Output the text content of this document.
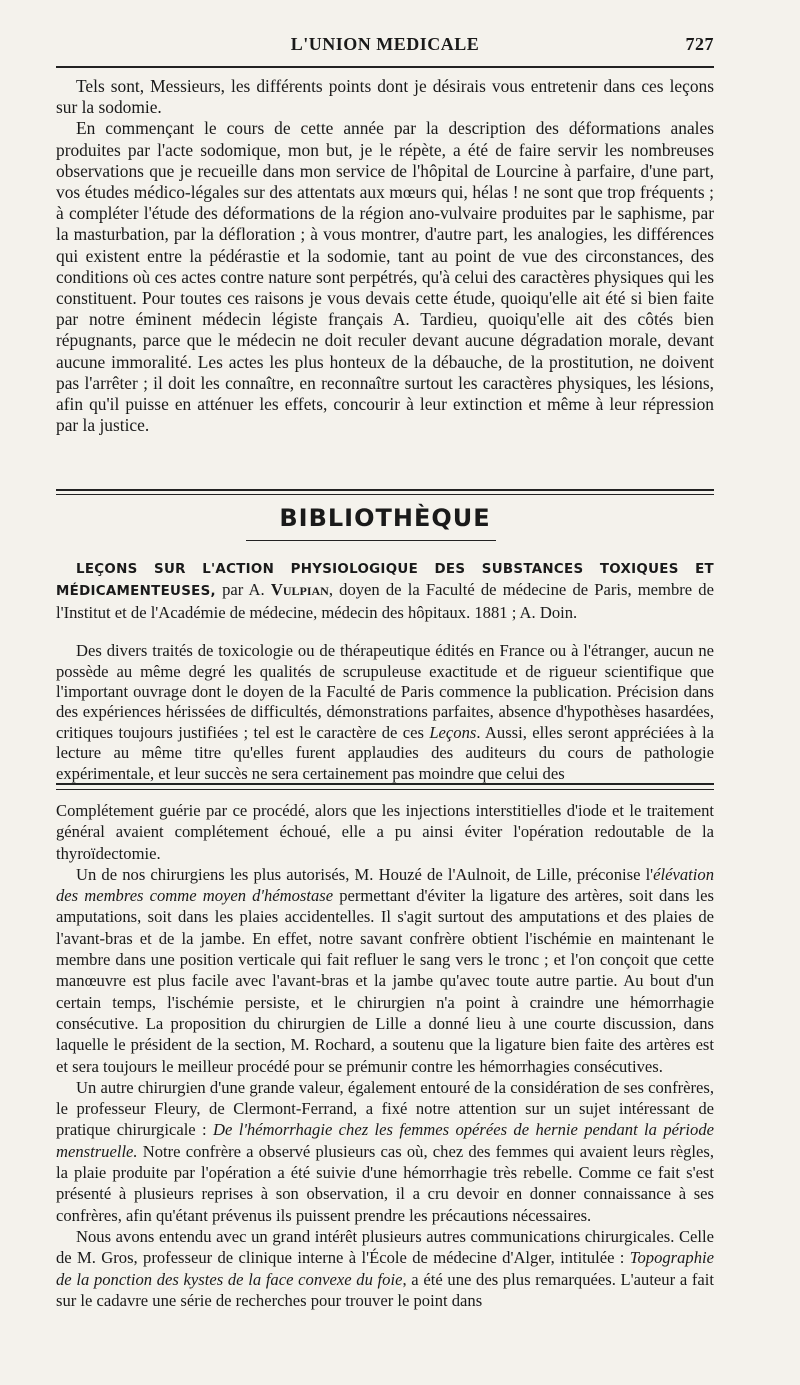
L'UNION MEDICALE	727

Tels sont, Messieurs, les différents points dont je désirais vous entretenir dans ces leçons sur la sodomie.

En commençant le cours de cette année par la description des déformations anales produites par l'acte sodomique, mon but, je le répète, a été de faire servir les nombreuses observations que je recueille dans mon service de l'hôpital de Lourcine à parfaire, d'une part, vos études médico-légales sur des attentats aux mœurs qui, hélas ! ne sont que trop fréquents ; à compléter l'étude des déformations de la région ano-vulvaire produites par le saphisme, par la masturbation, par la défloration ; à vous montrer, d'autre part, les analogies, les différences qui existent entre la pédérastie et la sodomie, tant au point de vue des circonstances, des conditions où ces actes contre nature sont perpétrés, qu'à celui des caractères physiques qui les constituent. Pour toutes ces raisons je vous devais cette étude, quoiqu'elle ait été si bien faite par notre éminent médecin légiste français A. Tardieu, quoiqu'elle ait des côtés bien répugnants, parce que le médecin ne doit reculer devant aucune dégradation morale, devant aucune immoralité. Les actes les plus honteux de la débauche, de la prostitution, ne doivent pas l'arrêter ; il doit les connaître, en reconnaître surtout les caractères physiques, les lésions, afin qu'il puisse en atténuer les effets, concourir à leur extinction et même à leur répression par la justice.

BIBLIOTHÈQUE

LEÇONS SUR L'ACTION PHYSIOLOGIQUE DES SUBSTANCES TOXIQUES ET MÉDICAMENTEUSES, par A. Vulpian, doyen de la Faculté de médecine de Paris, membre de l'Institut et de l'Académie de médecine, médecin des hôpitaux. 1881 ; A. Doin.

Des divers traités de toxicologie ou de thérapeutique édités en France ou à l'étranger, aucun ne possède au même degré les qualités de scrupuleuse exactitude et de rigueur scientifique que l'important ouvrage dont le doyen de la Faculté de Paris commence la publication. Précision dans des expériences hérissées de difficultés, démonstrations parfaites, absence d'hypothèses hasardées, critiques toujours justifiées ; tel est le caractère de ces Leçons. Aussi, elles seront appréciées à la lecture au même titre qu'elles furent applaudies des auditeurs du cours de pathologie expérimentale, et leur succès ne sera certainement pas moindre que celui des

Complétement guérie par ce procédé, alors que les injections interstitielles d'iode et le traitement général avaient complétement échoué, elle a pu ainsi éviter l'opération redoutable de la thyroïdectomie.

Un de nos chirurgiens les plus autorisés, M. Houzé de l'Aulnoit, de Lille, préconise l'élévation des membres comme moyen d'hémostase permettant d'éviter la ligature des artères, soit dans les amputations, soit dans les plaies accidentelles. Il s'agit surtout des amputations et des plaies de l'avant-bras et de la jambe. En effet, notre savant confrère obtient l'ischémie en maintenant le membre dans une position verticale qui fait refluer le sang vers le tronc ; et l'on conçoit que cette manœuvre est plus facile avec l'avant-bras et la jambe qu'avec toute autre partie. Au bout d'un certain temps, l'ischémie persiste, et le chirurgien n'a point à craindre une hémorrhagie consécutive. La proposition du chirurgien de Lille a donné lieu à une courte discussion, dans laquelle le président de la section, M. Rochard, a soutenu que la ligature bien faite des artères est et sera toujours le meilleur procédé pour se prémunir contre les hémorrhagies consécutives.

Un autre chirurgien d'une grande valeur, également entouré de la considération de ses confrères, le professeur Fleury, de Clermont-Ferrand, a fixé notre attention sur un sujet intéressant de pratique chirurgicale : De l'hémorrhagie chez les femmes opérées de hernie pendant la période menstruelle. Notre confrère a observé plusieurs cas où, chez des femmes qui avaient leurs règles, la plaie produite par l'opération a été suivie d'une hémorrhagie très rebelle. Comme ce fait s'est présenté à plusieurs reprises à son observation, il a cru devoir en donner connaissance à ses confrères, afin qu'étant prévenus ils puissent prendre les précautions nécessaires.

Nous avons entendu avec un grand intérêt plusieurs autres communications chirurgicales. Celle de M. Gros, professeur de clinique interne à l'École de médecine d'Alger, intitulée : Topographie de la ponction des kystes de la face convexe du foie, a été une des plus remarquées. L'auteur a fait sur le cadavre une série de recherches pour trouver le point dans
